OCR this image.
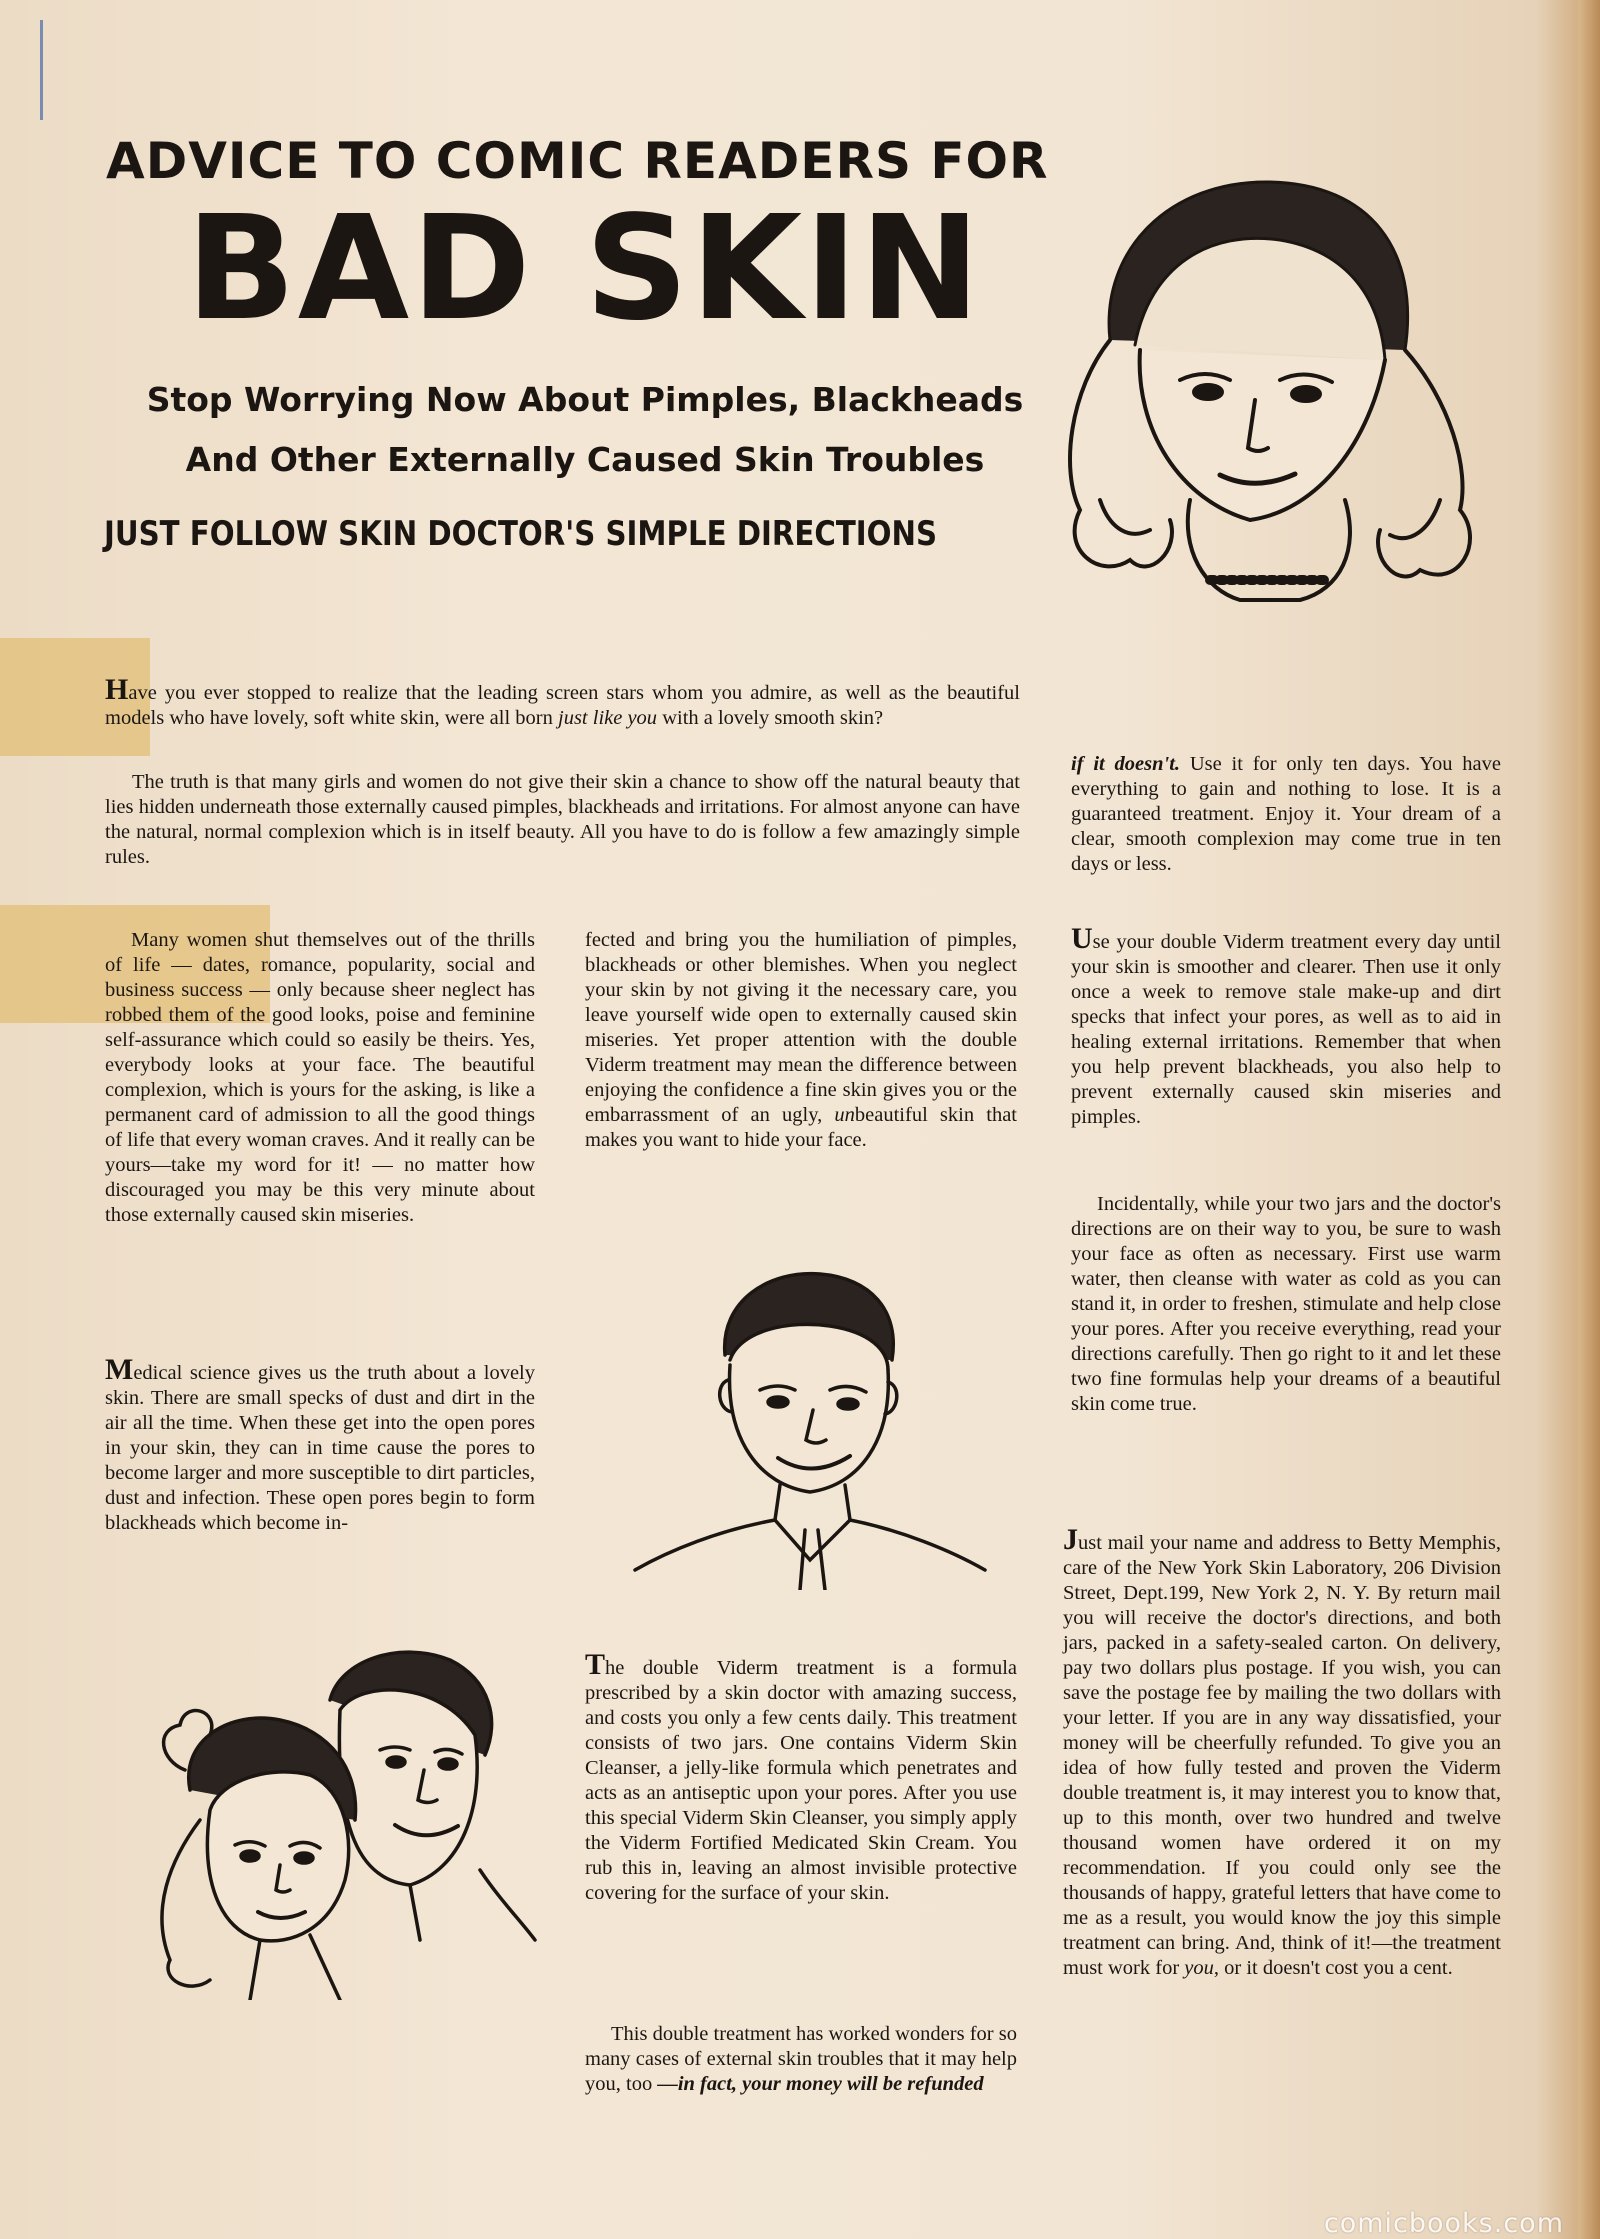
ADVICE TO COMIC READERS FOR
BAD SKIN
Stop Worrying Now About Pimples, Blackheads
And Other Externally Caused Skin Troubles
JUST FOLLOW SKIN DOCTOR'S SIMPLE DIRECTIONS
Have you ever stopped to realize that the leading screen stars whom you admire, as well as the beautiful models who have lovely, soft white skin, were all born just like you with a lovely smooth skin?
The truth is that many girls and women do not give their skin a chance to show off the natural beauty that lies hidden underneath those externally caused pimples, blackheads and irritations. For almost anyone can have the natural, normal complexion which is in itself beauty. All you have to do is follow a few amazingly simple rules.
Many women shut themselves out of the thrills of life — dates, romance, popularity, social and business success — only because sheer neglect has robbed them of the good looks, poise and feminine self-assurance which could so easily be theirs. Yes, everybody looks at your face. The beautiful complexion, which is yours for the asking, is like a permanent card of admission to all the good things of life that every woman craves. And it really can be yours—take my word for it! — no matter how discouraged you may be this very minute about those externally caused skin miseries.
Medical science gives us the truth about a lovely skin. There are small specks of dust and dirt in the air all the time. When these get into the open pores in your skin, they can in time cause the pores to become larger and more susceptible to dirt particles, dust and infection. These open pores begin to form blackheads which become in-
fected and bring you the humiliation of pimples, blackheads or other blemishes. When you neglect your skin by not giving it the necessary care, you leave yourself wide open to externally caused skin miseries. Yet proper attention with the double Viderm treatment may mean the difference between enjoying the confidence a fine skin gives you or the embarrassment of an ugly, unbeautiful skin that makes you want to hide your face.
The double Viderm treatment is a formula prescribed by a skin doctor with amazing success, and costs you only a few cents daily. This treatment consists of two jars. One contains Viderm Skin Cleanser, a jelly-like formula which penetrates and acts as an antiseptic upon your pores. After you use this special Viderm Skin Cleanser, you simply apply the Viderm Fortified Medicated Skin Cream. You rub this in, leaving an almost invisible protective covering for the surface of your skin.
This double treatment has worked wonders for so many cases of external skin troubles that it may help you, too —in fact, your money will be refunded
if it doesn't. Use it for only ten days. You have everything to gain and nothing to lose. It is a guaranteed treatment. Enjoy it. Your dream of a clear, smooth complexion may come true in ten days or less.
Use your double Viderm treatment every day until your skin is smoother and clearer. Then use it only once a week to remove stale make-up and dirt specks that infect your pores, as well as to aid in healing external irritations. Remember that when you help prevent blackheads, you also help to prevent externally caused skin miseries and pimples.
Incidentally, while your two jars and the doctor's directions are on their way to you, be sure to wash your face as often as necessary. First use warm water, then cleanse with water as cold as you can stand it, in order to freshen, stimulate and help close your pores. After you receive everything, read your directions carefully. Then go right to it and let these two fine formulas help your dreams of a beautiful skin come true.
Just mail your name and address to Betty Memphis, care of the New York Skin Laboratory, 206 Division Street, Dept.199, New York 2, N. Y. By return mail you will receive the doctor's directions, and both jars, packed in a safety-sealed carton. On delivery, pay two dollars plus postage. If you wish, you can save the postage fee by mailing the two dollars with your letter. If you are in any way dissatisfied, your money will be cheerfully refunded. To give you an idea of how fully tested and proven the Viderm double treatment is, it may interest you to know that, up to this month, over two hundred and twelve thousand women have ordered it on my recommendation. If you could only see the thousands of happy, grateful letters that have come to me as a result, you would know the joy this simple treatment can bring. And, think of it!—the treatment must work for you, or it doesn't cost you a cent.
comicbooks.com
